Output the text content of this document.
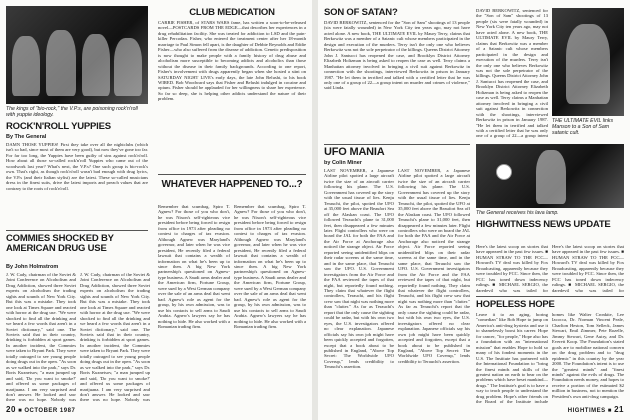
The kings of "bio-rock," the V.P.s, are poisoning rock'n'roll with yuppie ideology.
ROCK'N'ROLL YUPPIES
By The General
DAMN THOSE YUPPIES! First they take over all the nightclubs (which isn't so bad, since most of them are very good), but now they've gone too far. For far too long, the Yuppies have been guilty of sins against rock'n'roll. How about all those so-called rock'n'roll Yuppies who came out of the woodwork last year? What's next, the V.P.s? One such group is bio-rock's own. That's right, as though rock'n'roll wasn't bad enough with drug lyrics, the V.P.s (and their Italian stylist) are the latest. These so-called musicians dress in the finest suits, drive the latest imports and preach values that are contrary to the roots of rock'n'roll.
COMMIES SHOCKED BY AMERICAN DRUG USE
By John Holmstrom
J. W. Cady, chairman of the Soviet & Joint Conference on Alcoholism and Drug Addiction, showed three Soviet experts on alcoholism the trading sights and sounds of New York City. But this was a mistake. They took one look at Times Square and reacted with horror at the drug use. "We were shocked to find all the drinking and we heard a few words that aren't in a Soviet dictionary," said one. The Soviets said that in their country, drinking is forbidden at sport games. In another incident, the Commies were taken to Bryant Park. They were totally outraged to see young people doing drugs out in the open. "As soon as we walked into the park," says Dr. Boris Kuznetsov, "a man jumped up and said, 'Do you want to smoke?' and offered us some packages of marijuana. I am very surprised and don't answer. He looked and saw there was no hope. Nobody was
J. W. Cady, chairman of the Soviet & Joint Conference on Alcoholism and Drug Addiction, showed three Soviet experts on alcoholism the trading sights and sounds of New York City. But this was a mistake. They took one look at Times Square and reacted with horror at the drug use. "We were shocked to find all the drinking and we heard a few words that aren't in a Soviet dictionary," said one. The Soviets said that in their country, drinking is forbidden at sport games. In another incident, the Commies were taken to Bryant Park. They were totally outraged to see young people doing drugs out in the open. "As soon as we walked into the park," says Dr. Boris Kuznetsov, "a man jumped up and said, 'Do you want to smoke?' and offered us some packages of marijuana. I am very surprised and don't answer. He looked and saw there was no hope. Nobody was
CLUB MEDICATION
CARRIE FISHER, of STARS WARS fame, has written a soon-to-be-released novel—POSTCARDS FROM THE EDGE—that describes her experiences in a drug rehabilitation facility. She was treated for addiction to LSD and the pain-killer Percodan. Fisher, who entered the treatment center after her 18-month marriage to Paul Simon fell apart, is the daughter of Debbie Reynolds and Eddie Fisher—who also suffered from the disease of addiction. Genetic predisposition is now thought to make people with a family history of drug abuse and alcoholism more susceptible to becoming addicts and alcoholics than those without the disease in their family backgrounds. According to one report, Fisher's involvement with drugs apparently began when she hosted a stint on SATURDAY NIGHT LIVE's early days, the late John Belushi, to his book WIRED. Bob Woodward says that Fisher and Belushi indulged in cocaine and opium. Fisher should be applauded for her willingness to share her experience. So far so deep, she is helping other addicts understand the nature of their problem.
WHATEVER HAPPENED TO...?
Remember that scumbag, Spiro T. Agnew? For those of you who don't, he was Nixon's self-righteous vice president before being forced to resign from office in 1973 after pleading no contest to charges of tax evasion. Although Agnew was Maryland's governor, and later when he was vice president, He recently filed a federal lawsuit that contains a wealth of information on what he's been up to since then. A big New York partnership's questioned on Agnew-type business. A Saudi arms dealer and the American firm, Fortune Group, were sued by a West German company over the sale of an arms deal that went bad. Agnew's role as agent for the group, by his own admission, was to use his contacts to sell arms to Saudi Arabia. Agnew's lawyers say he has nothing to hide. He also worked with a Romanian trading firm.
Remember that scumbag, Spiro T. Agnew? For those of you who don't, he was Nixon's self-righteous vice president before being forced to resign from office in 1973 after pleading no contest to charges of tax evasion. Although Agnew was Maryland's governor, and later when he was vice president, He recently filed a federal lawsuit that contains a wealth of information on what he's been up to since then. A big New York partnership's questioned on Agnew-type business. A Saudi arms dealer and the American firm, Fortune Group, were sued by a West German company over the sale of an arms deal that went bad. Agnew's role as agent for the group, by his own admission, was to use his contacts to sell arms to Saudi Arabia. Agnew's lawyers say he has nothing to hide. He also worked with a Romanian trading firm.
20 ■ OCTOBER 1987
SON OF SATAN?
DAVID BERKOWITZ, sentenced for the "Son of Sam" shootings of 13 people (six were fatally wounded) in New York City ten years ago, may not have acted alone. A new book, THE ULTIMATE EVIL by Maury Terry, claims that Berkowitz was a member of a Satanic cult whose members participated in the design and execution of the murders. Terry isn't the only one who believes Berkowitz was not the sole perpetrator of the killings. Queens District Attorney John J. Santucci has reopened the case, and Brooklyn District Attorney Elizabeth Holtzman is being asked to reopen the case as well. Terry claims a Manhattan attorney involved in bringing a civil suit against Berkowitz in connection with the shootings, interviewed Berkowitz in prison in January 1987. "He let them in terrified and talked with a certified letter that he was only one of a group of 22—a group intent on murder and crimes of violence," said Linda.
DAVID BERKOWITZ, sentenced for the "Son of Sam" shootings of 13 people (six were fatally wounded) in New York City ten years ago, may not have acted alone. A new book, THE ULTIMATE EVIL by Maury Terry, claims that Berkowitz was a member of a Satanic cult whose members participated in the design and execution of the murders. Terry isn't the only one who believes Berkowitz was not the sole perpetrator of the killings. Queens District Attorney John J. Santucci has reopened the case, and Brooklyn District Attorney Elizabeth Holtzman is being asked to reopen the case as well. Terry claims a Manhattan attorney involved in bringing a civil suit against Berkowitz in connection with the shootings, interviewed Berkowitz in prison in January 1987. "He let them in terrified and talked with a certified letter that he was only one of a group of 22—a group intent
THE ULTIMATE EVIL links Manson to a Son of Sam satanic cult.
UFO MANIA
by Colin Miner
LAST NOVEMBER, a Japanese Airline pilot spotted a large aircraft twice the size of an aircraft carrier following his plane. The U.S. Government has covered up the story with the usual tissue of lies. Kenju Terauchi, the pilot, spotted the UFO at 35,000 feet above the Beaufort Sea off the Alaskan coast. The UFO followed Terauchi's plane to 31,000 feet, then disappeared a few minutes later. Flight controllers who were on board the JAL for both the FAA and the Air Force at Anchorage also noticed the strange object. Air Force reported seeing unidentified blips on their radar screens at the same time, and in the same place, that Terauchi saw the UFO. U.S. Government investigators from the Air Force and the FAA reviewed the tapes of that night, but reportedly found nothing. They claim that whatever the flight controllers, Terauchi, and his flight crew saw that night was nothing more than "clutter." As far as Terauchi's report that the only cause the sighting could be radar, but with his own two eyes, the U.S. investigators offered no clear explanation. Japanese officials say his own job might have been quickly accepted and forgotten, except that a book about to be published in England, "Above Top Secret: The Worldwide UFO Coverup," lends credibility to Terauchi's assertion.
LAST NOVEMBER, a Japanese Airline pilot spotted a large aircraft twice the size of an aircraft carrier following his plane. The U.S. Government has covered up the story with the usual tissue of lies. Kenju Terauchi, the pilot, spotted the UFO at 35,000 feet above the Beaufort Sea off the Alaskan coast. The UFO followed Terauchi's plane to 31,000 feet, then disappeared a few minutes later. Flight controllers who were on board the JAL for both the FAA and the Air Force at Anchorage also noticed the strange object. Air Force reported seeing unidentified blips on their radar screens at the same time, and in the same place, that Terauchi saw the UFO. U.S. Government investigators from the Air Force and the FAA reviewed the tapes of that night, but reportedly found nothing. They claim that whatever the flight controllers, Terauchi, and his flight crew saw that night was nothing more than "clutter." As far as Terauchi's report that the only cause the sighting could be radar, but with his own two eyes, the U.S. investigators offered no clear explanation. Japanese officials say his own job might have been quickly accepted and forgotten, except that a book about to be published in England, "Above Top Secret: The Worldwide UFO Coverup," lends credibility to Terauchi's assertion.
The General receives his lava lamp.
HIGHWITNESS NEWS UPDATE
Here's the latest scoop on stories that have appeared in the past few issues. ■ HUMAN STRAW TO THE FCC—Howard's TV deal was killed by Fox Broadcasting, apparently because they were troubled by FCC. Since then, the FCC has toned down indecency rulings. ■ MICHAEL SERGIO, the daredevil who was jailed for
Here's the latest scoop on stories that have appeared in the past few issues. ■ HUMAN STRAW TO THE FCC—Howard's TV deal was killed by Fox Broadcasting, apparently because they were troubled by FCC. Since then, the FCC has toned down indecency rulings. ■ MICHAEL SERGIO, the daredevil who was jailed for
HOPELESS HOPE
Leave it to an aging, boring "comedian" like Bob Hope to jump on America's anti-drug hysteria and use it to shamelessly boost his career. Hope for cancer, "for people," Hope also has a foundation with an "international mission" that enables Hope to hold so many of his fondest moments in the U.S. The Institute has partnered with the International Foundation to "bring the finest minds and skills of the greatest nation on earth to bear on the problems which have beset mankind—drugs." The Institute's goal is to have a way to teach people to understand the drug problem. Hope's other friends on the Board of the Institute include
homes like Walter Cronkite, Lee Iacocca, Dr. Norman Vincent Peale, Charlton Heston, Tom Selleck, James Stewart, Emil Zimmer, Pete Rozelle, Jimmy Stewart, Gene Autry, and Dr. Everett Koop. The Foundation's stated goals are to mobilize national concern on the drug problem and to "drug epidemic" in this country by the year 2000. The Foundation's intent is to use the "greatest minds" and "finest minds" against the evils of drugs. The Foundation needs money, and hopes to receive a portion of the estimated $2 million in business, not to mention the President's own anti-drug campaign.
HIGHTIMES ■ 21
